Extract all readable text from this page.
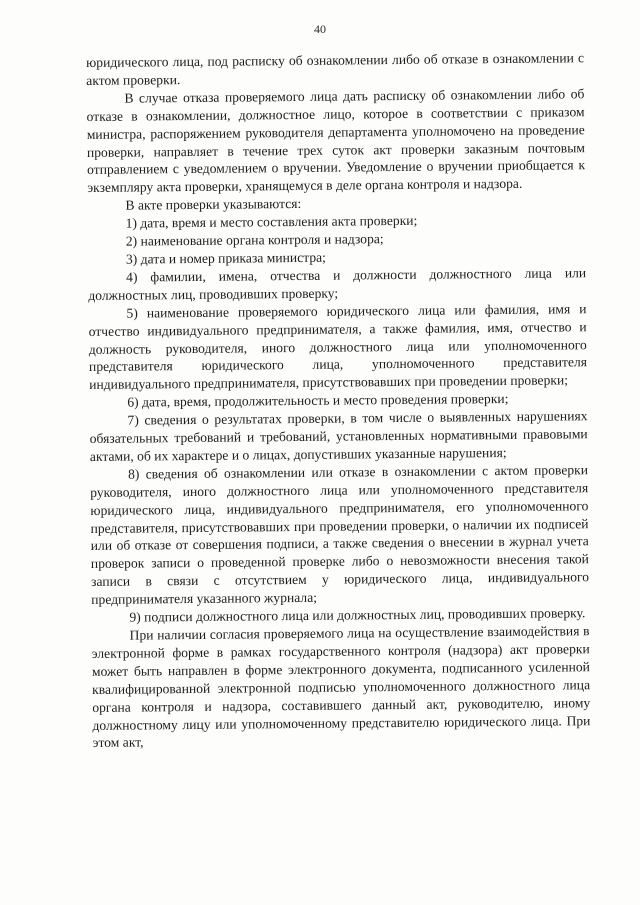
40

юридического лица, под расписку об ознакомлении либо об отказе в ознакомлении с актом проверки.

В случае отказа проверяемого лица дать расписку об ознакомлении либо об отказе в ознакомлении, должностное лицо, которое в соответствии с приказом министра, распоряжением руководителя департамента уполномочено на проведение проверки, направляет в течение трех суток акт проверки заказным почтовым отправлением с уведомлением о вручении. Уведомление о вручении приобщается к экземпляру акта проверки, хранящемуся в деле органа контроля и надзора.

В акте проверки указываются:

1) дата, время и место составления акта проверки;

2) наименование органа контроля и надзора;

3) дата и номер приказа министра;

4) фамилии, имена, отчества и должности должностного лица или должностных лиц, проводивших проверку;

5) наименование проверяемого юридического лица или фамилия, имя и отчество индивидуального предпринимателя, а также фамилия, имя, отчество и должность руководителя, иного должностного лица или уполномоченного представителя юридического лица, уполномоченного представителя индивидуального предпринимателя, присутствовавших при проведении проверки;

6) дата, время, продолжительность и место проведения проверки;

7) сведения о результатах проверки, в том числе о выявленных нарушениях обязательных требований и требований, установленных нормативными правовыми актами, об их характере и о лицах, допустивших указанные нарушения;

8) сведения об ознакомлении или отказе в ознакомлении с актом проверки руководителя, иного должностного лица или уполномоченного представителя юридического лица, индивидуального предпринимателя, его уполномоченного представителя, присутствовавших при проведении проверки, о наличии их подписей или об отказе от совершения подписи, а также сведения о внесении в журнал учета проверок записи о проведенной проверке либо о невозможности внесения такой записи в связи с отсутствием у юридического лица, индивидуального предпринимателя указанного журнала;

9) подписи должностного лица или должностных лиц, проводивших проверку.

При наличии согласия проверяемого лица на осуществление взаимодействия в электронной форме в рамках государственного контроля (надзора) акт проверки может быть направлен в форме электронного документа, подписанного усиленной квалифицированной электронной подписью уполномоченного должностного лица органа контроля и надзора, составившего данный акт, руководителю, иному должностному лицу или уполномоченному представителю юридического лица. При этом акт,
